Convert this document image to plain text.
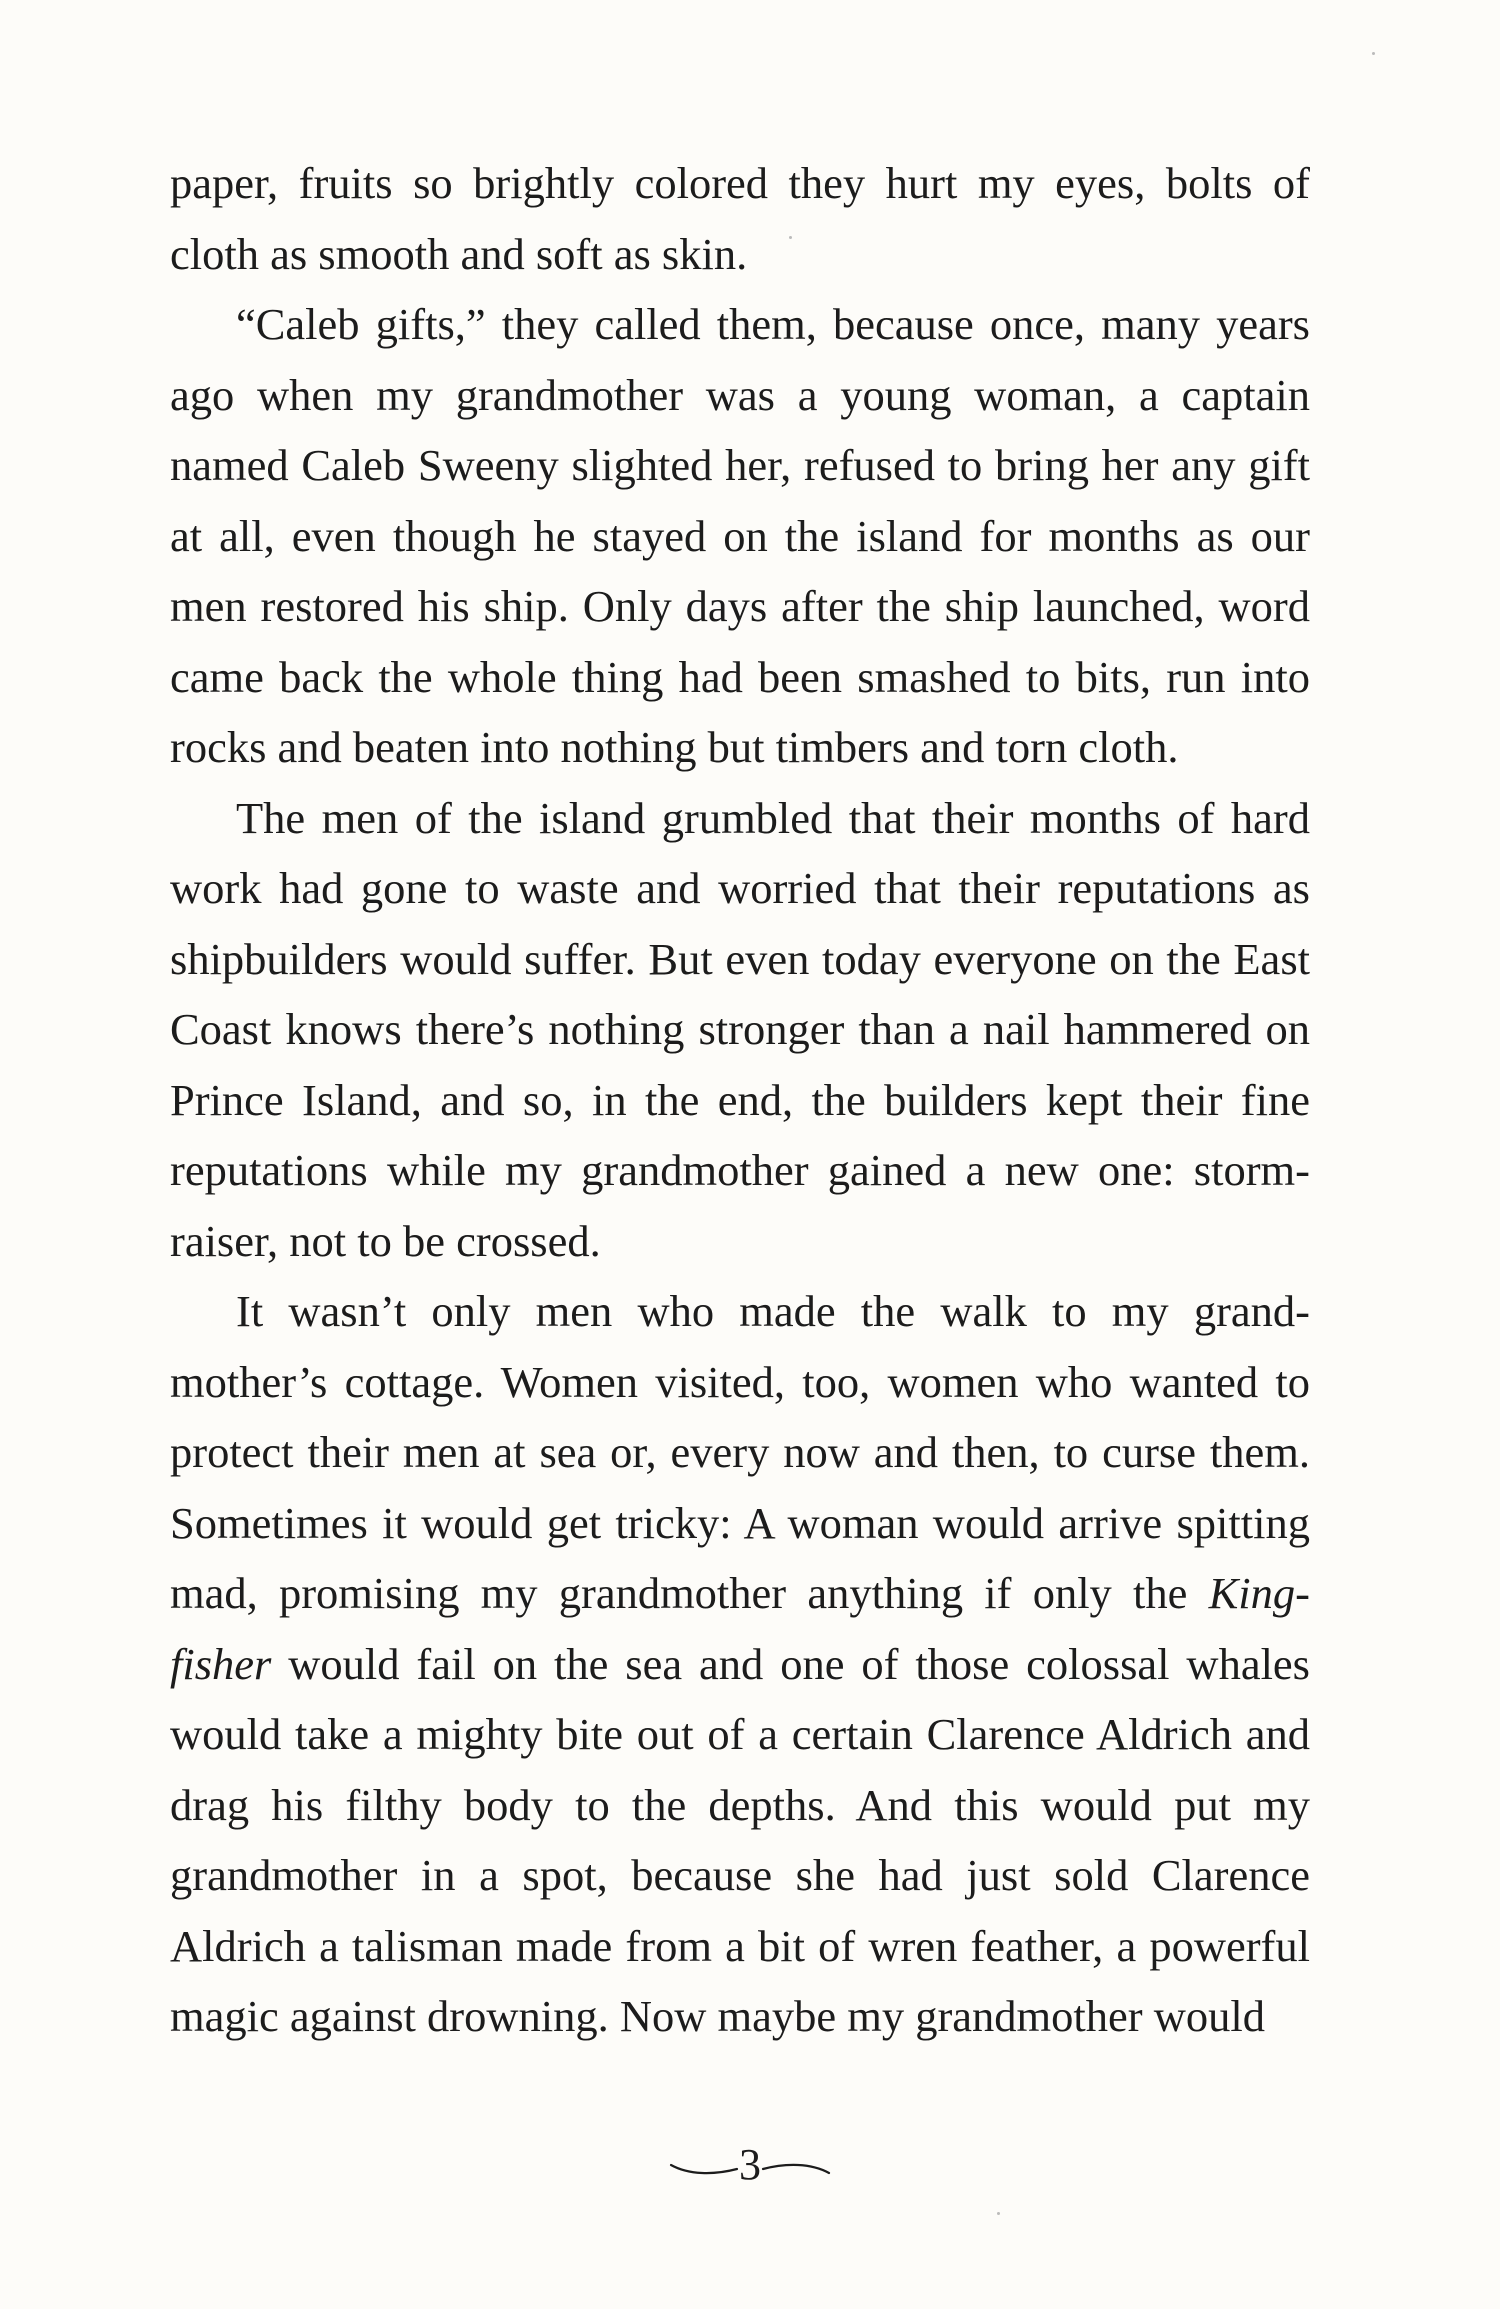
paper, fruits so brightly colored they hurt my eyes, bolts of cloth as smooth and soft as skin.

“Caleb gifts,” they called them, because once, many years ago when my grandmother was a young woman, a captain named Caleb Sweeny slighted her, refused to bring her any gift at all, even though he stayed on the island for months as our men restored his ship. Only days after the ship launched, word came back the whole thing had been smashed to bits, run into rocks and beaten into nothing but timbers and torn cloth.

The men of the island grumbled that their months of hard work had gone to waste and worried that their reputations as shipbuilders would suffer. But even today everyone on the East Coast knows there’s nothing stronger than a nail hammered on Prince Island, and so, in the end, the builders kept their fine reputations while my grandmother gained a new one: storm-raiser, not to be crossed.

It wasn’t only men who made the walk to my grandmother’s cottage. Women visited, too, women who wanted to protect their men at sea or, every now and then, to curse them. Sometimes it would get tricky: A woman would arrive spitting mad, promising my grandmother anything if only the Kingfisher would fail on the sea and one of those colossal whales would take a mighty bite out of a certain Clarence Aldrich and drag his filthy body to the depths. And this would put my grandmother in a spot, because she had just sold Clarence Aldrich a talisman made from a bit of wren feather, a powerful magic against drowning. Now maybe my grandmother would

3
